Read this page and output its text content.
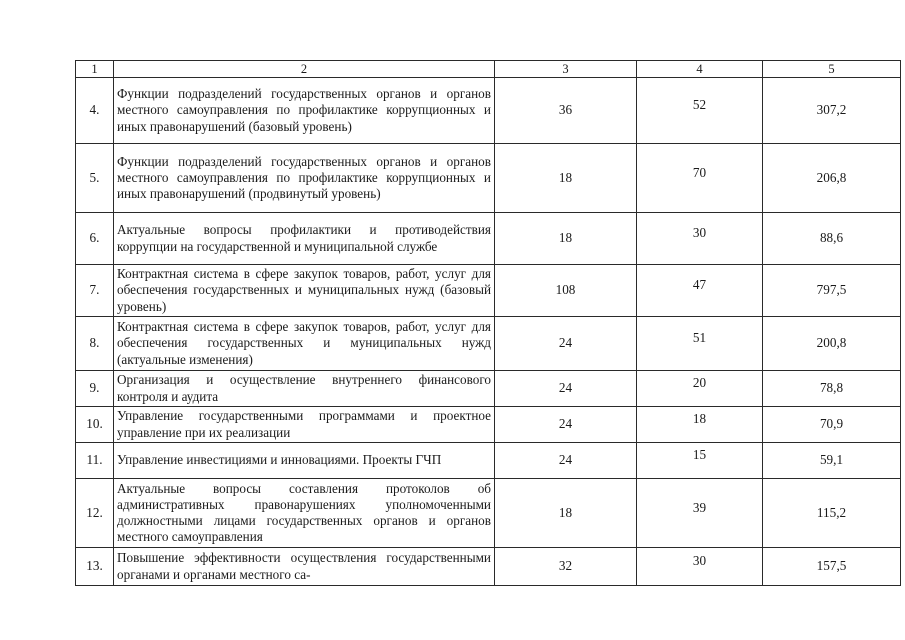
1	2	3	4	5
4.	Функции подразделений государственных органов и органов местного самоуправления по профилактике коррупционных и иных правонарушений (базовый уровень)	36	52	307,2
5.	Функции подразделений государственных органов и органов местного самоуправления по профилактике коррупционных и иных правонарушений (продвинутый уровень)	18	70	206,8
6.	Актуальные вопросы профилактики и противодействия коррупции на государственной и муниципальной службе	18	30	88,6
7.	Контрактная система в сфере закупок товаров, работ, услуг для обеспечения государственных и муниципальных нужд (базовый уровень)	108	47	797,5
8.	Контрактная система в сфере закупок товаров, работ, услуг для обеспечения государственных и муниципальных нужд (актуальные изменения)	24	51	200,8
9.	Организация и осуществление внутреннего финансового контроля и аудита	24	20	78,8
10.	Управление государственными программами и проектное управление при их реализации	24	18	70,9
11.	Управление инвестициями и инновациями. Проекты ГЧП	24	15	59,1
12.	Актуальные вопросы составления протоколов об административных правонарушениях уполномоченными должностными лицами государственных органов и органов местного самоуправления	18	39	115,2
13.	Повышение эффективности осуществления государственными органами и органами местного са-	32	30	157,5
